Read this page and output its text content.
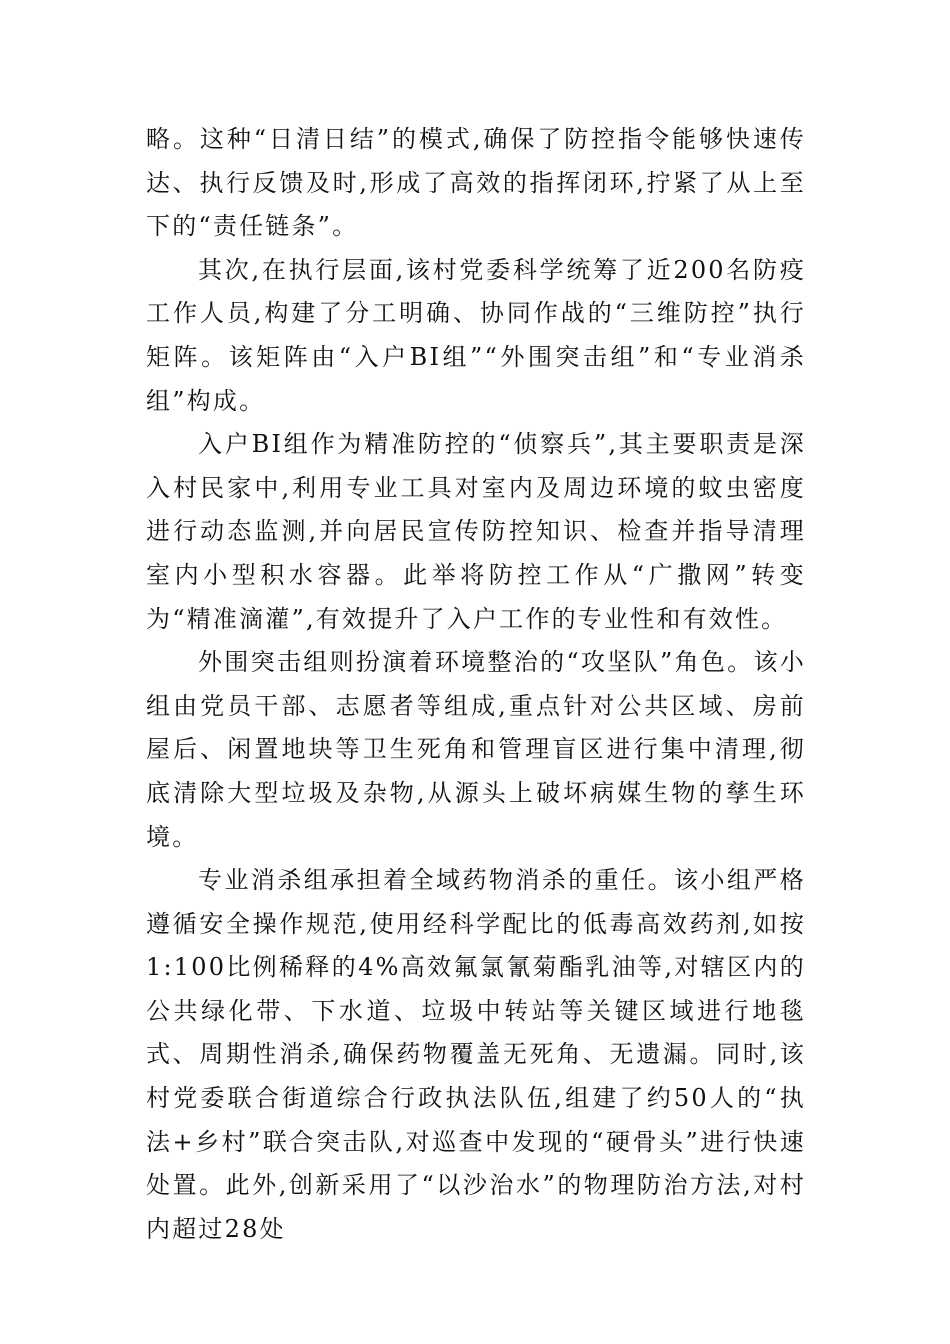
略。这种“日清日结”的模式,确保了防控指令能够快速传达、执行反馈及时,形成了高效的指挥闭环,拧紧了从上至下的“责任链条”。

其次,在执行层面,该村党委科学统筹了近200名防疫工作人员,构建了分工明确、协同作战的“三维防控”执行矩阵。该矩阵由“入户BI组”“外围突击组”和“专业消杀组”构成。

入户BI组作为精准防控的“侦察兵”,其主要职责是深入村民家中,利用专业工具对室内及周边环境的蚊虫密度进行动态监测,并向居民宣传防控知识、检查并指导清理室内小型积水容器。此举将防控工作从“广撒网”转变为“精准滴灌”,有效提升了入户工作的专业性和有效性。

外围突击组则扮演着环境整治的“攻坚队”角色。该小组由党员干部、志愿者等组成,重点针对公共区域、房前屋后、闲置地块等卫生死角和管理盲区进行集中清理,彻底清除大型垃圾及杂物,从源头上破坏病媒生物的孳生环境。

专业消杀组承担着全域药物消杀的重任。该小组严格遵循安全操作规范,使用经科学配比的低毒高效药剂,如按1:100比例稀释的4%高效氟氯氰菊酯乳油等,对辖区内的公共绿化带、下水道、垃圾中转站等关键区域进行地毯式、周期性消杀,确保药物覆盖无死角、无遗漏。同时,该村党委联合街道综合行政执法队伍,组建了约50人的“执法+乡村”联合突击队,对巡查中发现的“硬骨头”进行快速处置。此外,创新采用了“以沙治水”的物理防治方法,对村内超过28处
